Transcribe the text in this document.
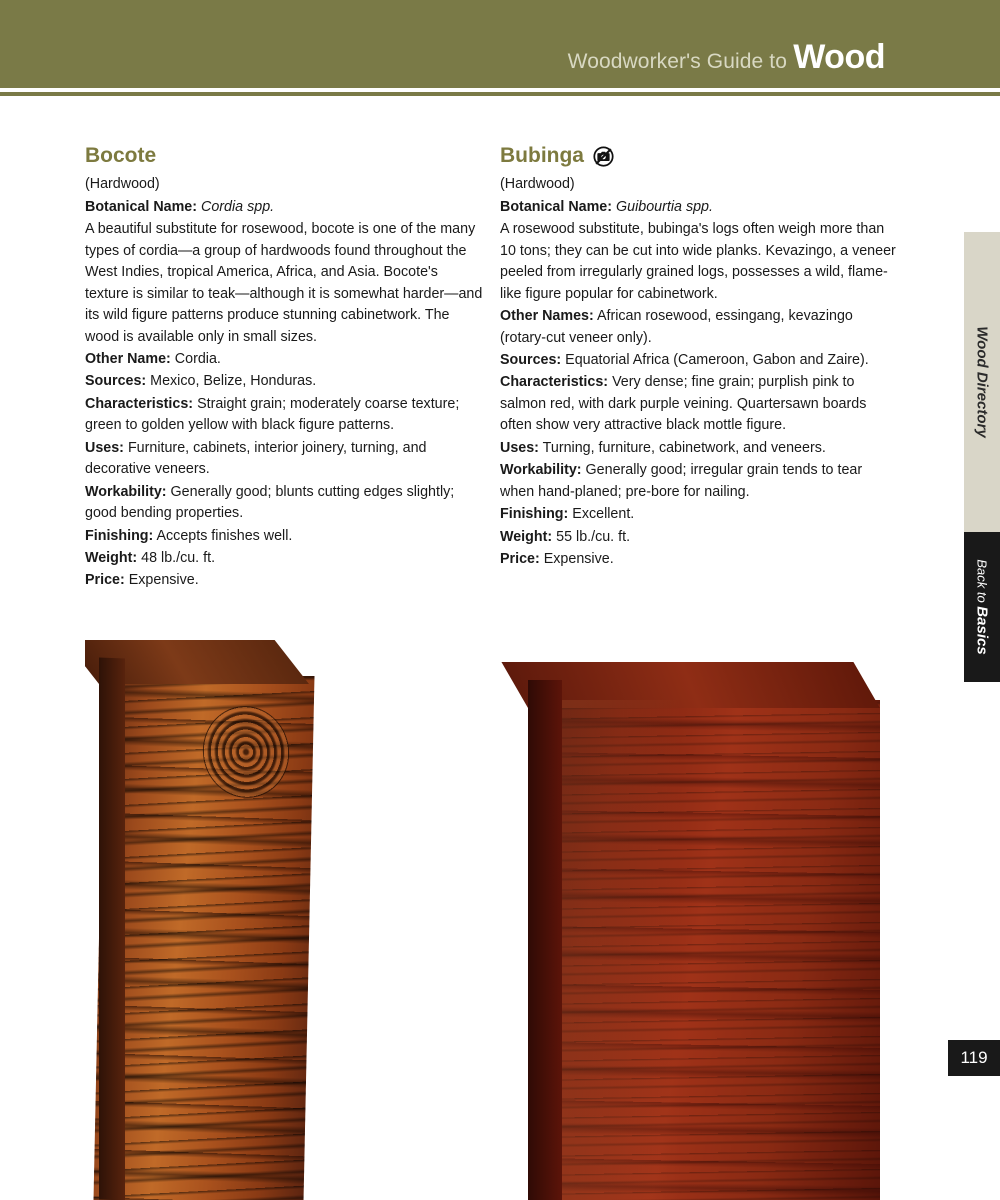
Woodworker's Guide to Wood
Wood Directory
Back to Basics
119
Bocote

(Hardwood)

Botanical Name: Cordia spp.

A beautiful substitute for rosewood, bocote is one of the many types of cordia—a group of hardwoods found throughout the West Indies, tropical America, Africa, and Asia. Bocote's texture is similar to teak—although it is somewhat harder—and its wild figure patterns produce stunning cabinetwork. The wood is available only in small sizes.

Other Name: Cordia.

Sources: Mexico, Belize, Honduras.

Characteristics: Straight grain; moderately coarse texture; green to golden yellow with black figure patterns.

Uses: Furniture, cabinets, interior joinery, turning, and decorative veneers.

Workability: Generally good; blunts cutting edges slightly; good bending properties.

Finishing: Accepts finishes well.

Weight: 48 lb./cu. ft.

Price: Expensive.

Bubinga

(Hardwood)

Botanical Name: Guibourtia spp.

A rosewood substitute, bubinga's logs often weigh more than 10 tons; they can be cut into wide planks. Kevazingo, a veneer peeled from irregularly grained logs, possesses a wild, flame-like figure popular for cabinetwork.

Other Names: African rosewood, essingang, kevazingo (rotary-cut veneer only).

Sources: Equatorial Africa (Cameroon, Gabon and Zaire).

Characteristics: Very dense; fine grain; purplish pink to salmon red, with dark purple veining. Quartersawn boards often show very attractive black mottle figure.

Uses: Turning, furniture, cabinetwork, and veneers.

Workability: Generally good; irregular grain tends to tear when hand-planed; pre-bore for nailing.

Finishing: Excellent.

Weight: 55 lb./cu. ft.

Price: Expensive.
